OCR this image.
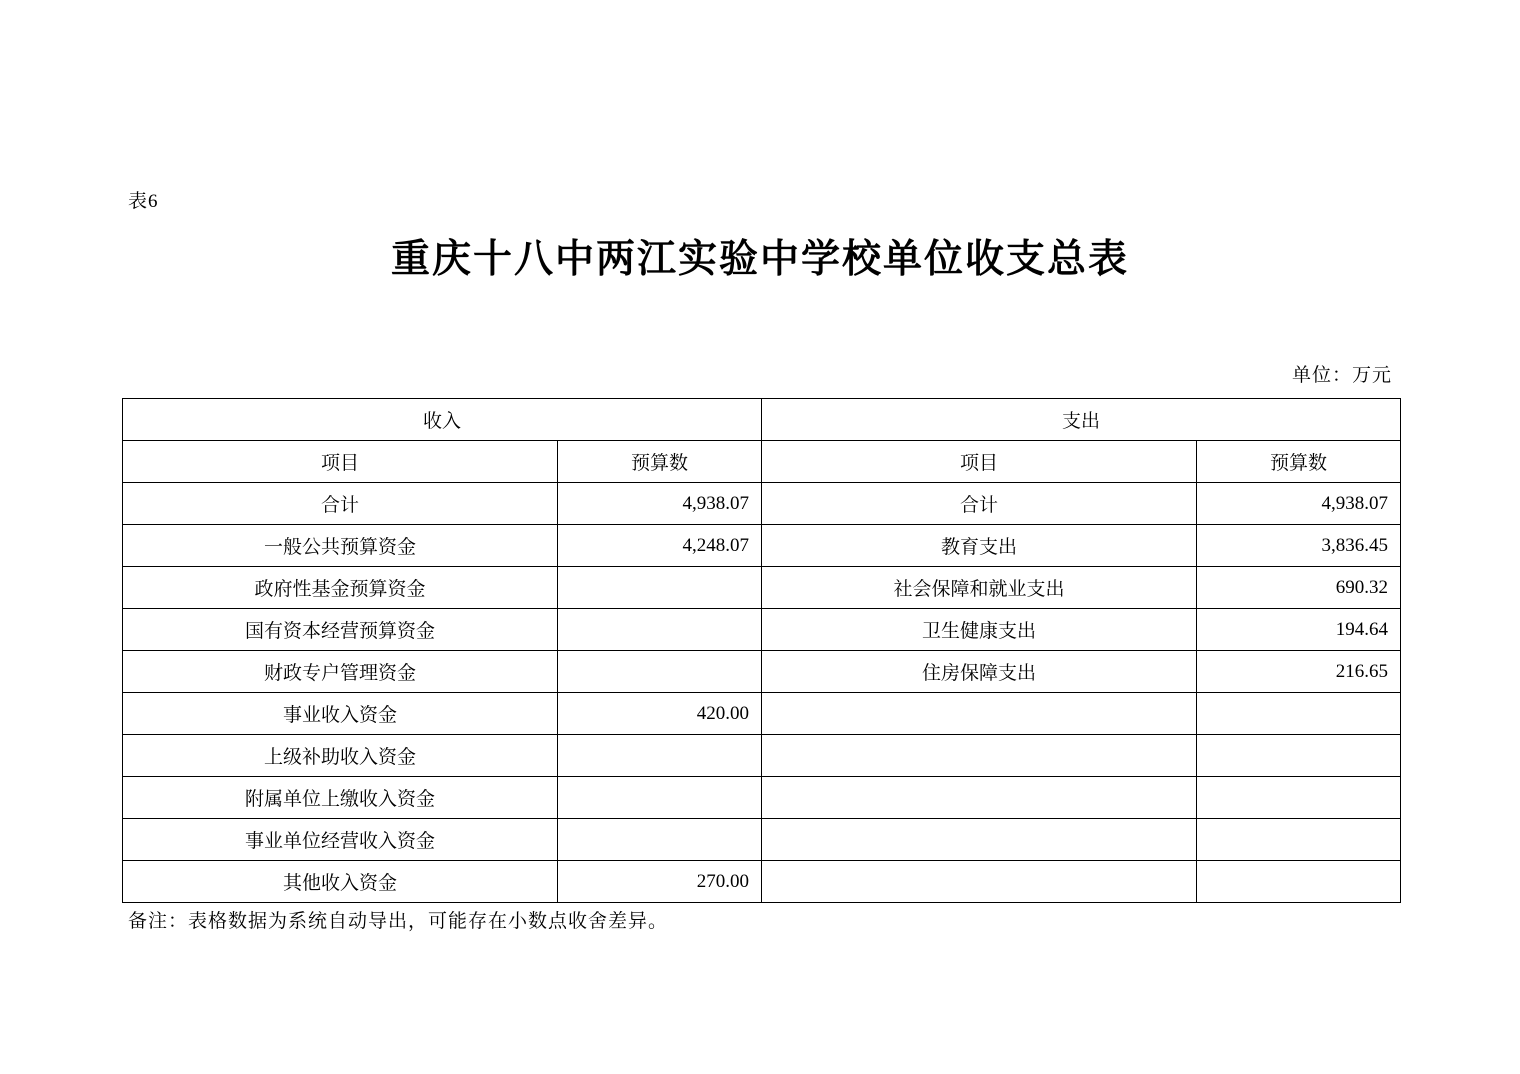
表6
重庆十八中两江实验中学校单位收支总表
单位：万元
收入		支出	
项目	预算数	项目	预算数
合计	4,938.07	合计	4,938.07
一般公共预算资金	4,248.07	教育支出	3,836.45
政府性基金预算资金		社会保障和就业支出	690.32
国有资本经营预算资金		卫生健康支出	194.64
财政专户管理资金		住房保障支出	216.65
事业收入资金	420.00		
上级补助收入资金			
附属单位上缴收入资金			
事业单位经营收入资金			
其他收入资金	270.00		
备注：表格数据为系统自动导出，可能存在小数点收舍差异。
